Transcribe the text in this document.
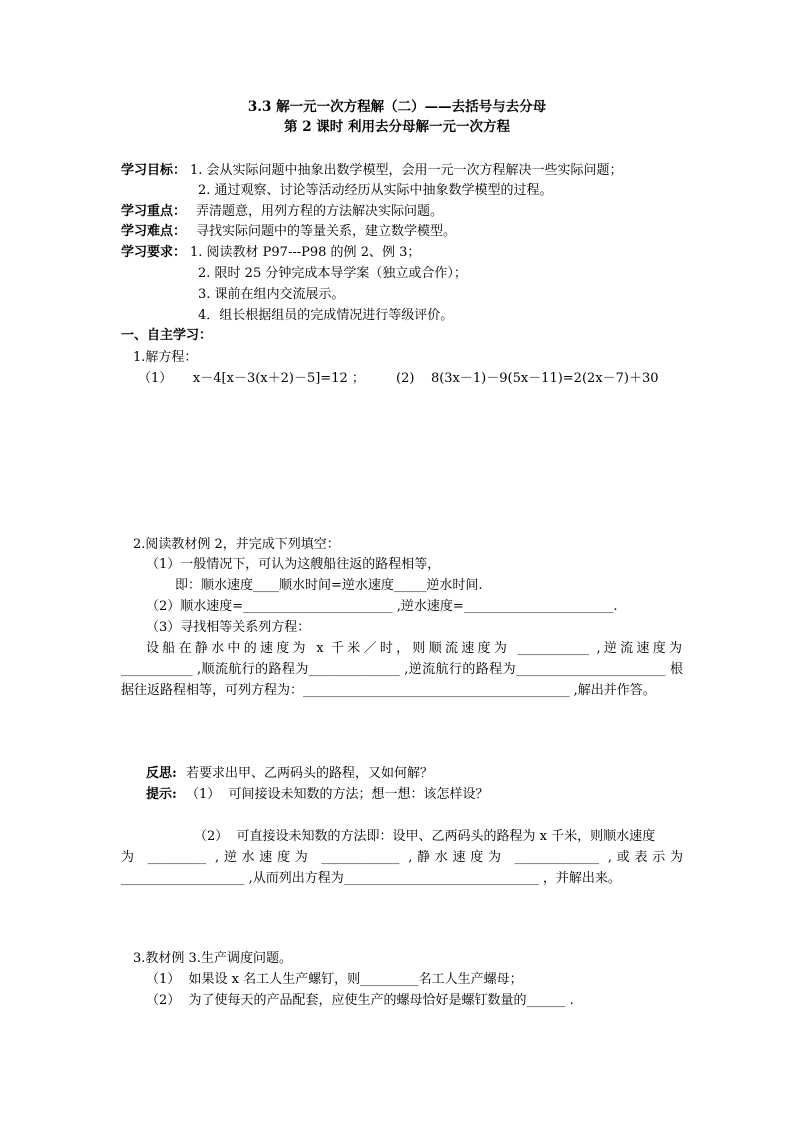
3.3 解一元一次方程解（二）——去括号与去分母
第 2 课时 利用去分母解一元一次方程
学习目标： 1. 会从实际问题中抽象出数学模型，会用一元一次方程解决一些实际问题；
2. 通过观察、讨论等活动经历从实际中抽象数学模型的过程。
学习重点： 弄清题意，用列方程的方法解决实际问题。
学习难点： 寻找实际问题中的等量关系，建立数学模型。
学习要求： 1. 阅读教材 P97---P98 的例 2、例 3；
2. 限时 25 分钟完成本导学案（独立或合作）；
3. 课前在组内交流展示。
4．组长根据组员的完成情况进行等级评价。
一、自主学习：
1.解方程：
（1）     x－4[x－3(x＋2)－5]=12 ； (2)    8(3x－1)－9(5x－11)=2(2x－7)＋30
2.阅读教材例 2，并完成下列填空：
（1）一般情况下，可认为这艘船往返的路程相等，
即：顺水速度____顺水时间=逆水速度_____逆水时间.
（2）顺水速度=_______________________ ,逆水速度=_______________________.
（3）寻找相等关系列方程：
设船在静水中的速度为 x 千米／时，则顺流速度为 ___________ ,逆流速度为
___________ ,顺流航行的路程为______________ ,逆流航行的路程为_______________________ 根
据往返路程相等，可列方程为：_________________________________________ ,解出并作答。
反思: 若要求出甲、乙两码头的路程，又如何解？
提示: （1）  可间接设未知数的方法；想一想：该怎样设？
（2）  可直接设未知数的方法即：设甲、乙两码头的路程为 x 千米，则顺水速度
为 _________ ,逆水速度为 ____________ ,静水速度为 _____________ ,或表示为
___________________ ,从而列出方程为______________________________ ，并解出来。
3.教材例 3.生产调度问题。
（1）  如果设 x 名工人生产螺钉，则_________名工人生产螺母；
（2）  为了使每天的产品配套，应使生产的螺母恰好是螺钉数量的______ .
